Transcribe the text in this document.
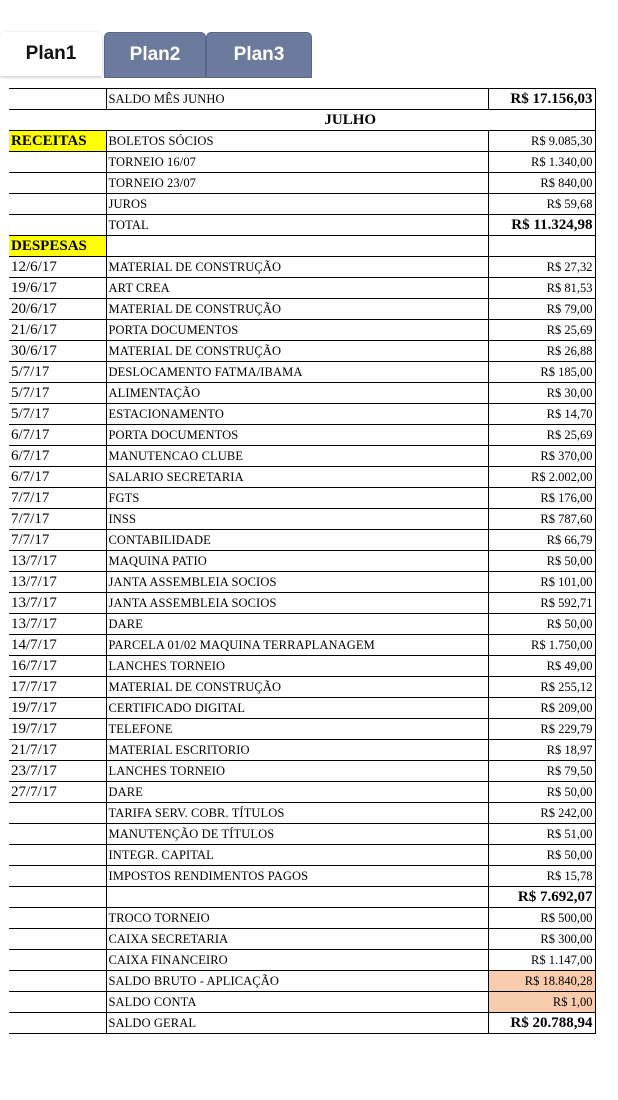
Plan1	Plan2	Plan3
	SALDO MÊS JUNHO	R$ 17.156,03
	JULHO	
RECEITAS	BOLETOS SÓCIOS	R$ 9.085,30
	TORNEIO 16/07	R$ 1.340,00
	TORNEIO 23/07	R$ 840,00
	JUROS	R$ 59,68
	TOTAL	R$ 11.324,98
DESPESAS		
12/6/17	MATERIAL DE CONSTRUÇÃO	R$ 27,32
19/6/17	ART CREA	R$ 81,53
20/6/17	MATERIAL DE CONSTRUÇÃO	R$ 79,00
21/6/17	PORTA DOCUMENTOS	R$ 25,69
30/6/17	MATERIAL DE CONSTRUÇÃO	R$ 26,88
5/7/17	DESLOCAMENTO FATMA/IBAMA	R$ 185,00
5/7/17	ALIMENTAÇÃO	R$ 30,00
5/7/17	ESTACIONAMENTO	R$ 14,70
6/7/17	PORTA DOCUMENTOS	R$ 25,69
6/7/17	MANUTENCAO CLUBE	R$ 370,00
6/7/17	SALARIO SECRETARIA	R$ 2.002,00
7/7/17	FGTS	R$ 176,00
7/7/17	INSS	R$ 787,60
7/7/17	CONTABILIDADE	R$ 66,79
13/7/17	MAQUINA PATIO	R$ 50,00
13/7/17	JANTA ASSEMBLEIA SOCIOS	R$ 101,00
13/7/17	JANTA ASSEMBLEIA SOCIOS	R$ 592,71
13/7/17	DARE	R$ 50,00
14/7/17	PARCELA 01/02 MAQUINA TERRAPLANAGEM	R$ 1.750,00
16/7/17	LANCHES TORNEIO	R$ 49,00
17/7/17	MATERIAL DE CONSTRUÇÃO	R$ 255,12
19/7/17	CERTIFICADO DIGITAL	R$ 209,00
19/7/17	TELEFONE	R$ 229,79
21/7/17	MATERIAL ESCRITORIO	R$ 18,97
23/7/17	LANCHES TORNEIO	R$ 79,50
27/7/17	DARE	R$ 50,00
	TARIFA SERV. COBR. TÍTULOS	R$ 242,00
	MANUTENÇÃO DE TÍTULOS	R$ 51,00
	INTEGR. CAPITAL	R$ 50,00
	IMPOSTOS RENDIMENTOS PAGOS	R$ 15,78
		R$ 7.692,07
	TROCO TORNEIO	R$ 500,00
	CAIXA SECRETARIA	R$ 300,00
	CAIXA FINANCEIRO	R$ 1.147,00
	SALDO BRUTO - APLICAÇÃO	R$ 18.840,28
	SALDO CONTA	R$ 1,00
	SALDO GERAL	R$ 20.788,94
